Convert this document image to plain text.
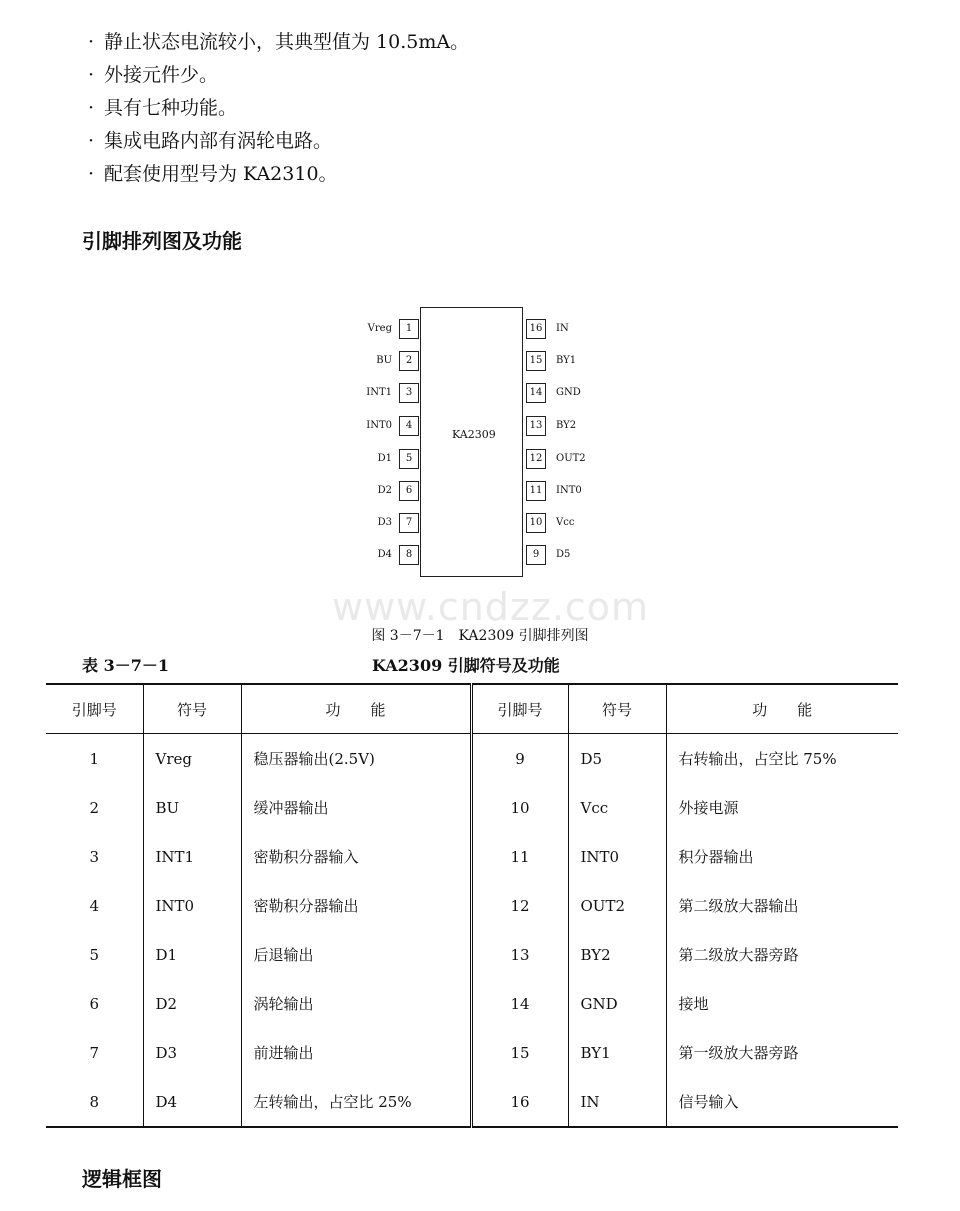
· 静止状态电流较小，其典型值为 10.5mA。
· 外接元件少。
· 具有七种功能。
· 集成电路内部有涡轮电路。
· 配套使用型号为 KA2310。
引脚排列图及功能
KA2309
1
Vreg
2
BU
3
INT1
4
INT0
5
D1
6
D2
7
D3
8
D4
16	IN
15	BY1
14	GND
13	BY2
12	OUT2
11	INT0
10	Vcc
9	D5
www.cndzz.com
图 3－7－1　KA2309 引脚排列图
表 3－7－1	KA2309 引脚符号及功能
引脚号	符号	功　　能	引脚号	符号	功　　能
1	Vreg	稳压器输出(2.5V)	9	D5	右转输出，占空比 75%
2	BU	缓冲器输出	10	Vcc	外接电源
3	INT1	密勒积分器输入	11	INT0	积分器输出
4	INT0	密勒积分器输出	12	OUT2	第二级放大器输出
5	D1	后退输出	13	BY2	第二级放大器旁路
6	D2	涡轮输出	14	GND	接地
7	D3	前进输出	15	BY1	第一级放大器旁路
8	D4	左转输出，占空比 25%	16	IN	信号输入
逻辑框图
